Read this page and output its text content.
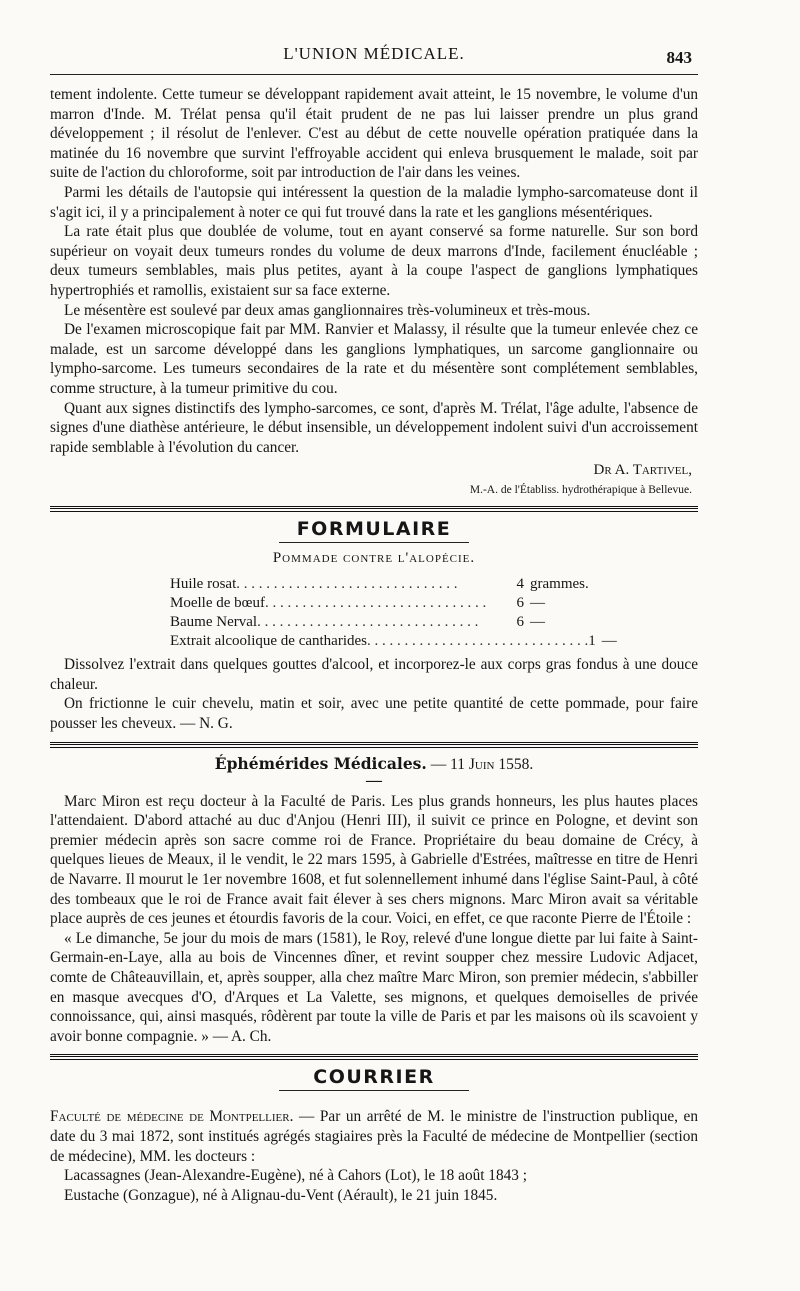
L'UNION MÉDICALE.	843

tement indolente. Cette tumeur se développant rapidement avait atteint, le 15 novembre, le volume d'un marron d'Inde. M. Trélat pensa qu'il était prudent de ne pas lui laisser prendre un plus grand développement ; il résolut de l'enlever. C'est au début de cette nouvelle opération pratiquée dans la matinée du 16 novembre que survint l'effroyable accident qui enleva brusquement le malade, soit par suite de l'action du chloroforme, soit par introduction de l'air dans les veines.

Parmi les détails de l'autopsie qui intéressent la question de la maladie lympho-sarcomateuse dont il s'agit ici, il y a principalement à noter ce qui fut trouvé dans la rate et les ganglions mésentériques.

La rate était plus que doublée de volume, tout en ayant conservé sa forme naturelle. Sur son bord supérieur on voyait deux tumeurs rondes du volume de deux marrons d'Inde, facilement énucléable ; deux tumeurs semblables, mais plus petites, ayant à la coupe l'aspect de ganglions lymphatiques hypertrophiés et ramollis, existaient sur sa face externe.

Le mésentère est soulevé par deux amas ganglionnaires très-volumineux et très-mous.

De l'examen microscopique fait par MM. Ranvier et Malassy, il résulte que la tumeur enlevée chez ce malade, est un sarcome développé dans les ganglions lymphatiques, un sarcome ganglionnaire ou lympho-sarcome. Les tumeurs secondaires de la rate et du mésentère sont complétement semblables, comme structure, à la tumeur primitive du cou.

Quant aux signes distinctifs des lympho-sarcomes, ce sont, d'après M. Trélat, l'âge adulte, l'absence de signes d'une diathèse antérieure, le début insensible, un développement indolent suivi d'un accroissement rapide semblable à l'évolution du cancer.

Dr A. Tartivel,
M.-A. de l'Établiss. hydrothérapique à Bellevue.
FORMULAIRE
Pommade contre l'alopécie.
Huile rosat . . . . . . . . . . . . . . . . . . . . . . . . . . . . . .	4 grammes.
Moelle de bœuf . . . . . . . . . . . . . . . . . . . . . . . . . . . . . .	6 —
Baume Nerval . . . . . . . . . . . . . . . . . . . . . . . . . . . . . .	6 —
Extrait alcoolique de cantharides . . . . . . . . . . . . . . . . . . . . . . . . . . . . . . 1 —

Dissolvez l'extrait dans quelques gouttes d'alcool, et incorporez-le aux corps gras fondus à une douce chaleur.

On frictionne le cuir chevelu, matin et soir, avec une petite quantité de cette pommade, pour faire pousser les cheveux. — N. G.

Éphémérides Médicales. — 11 Juin 1558.
—

Marc Miron est reçu docteur à la Faculté de Paris. Les plus grands honneurs, les plus hautes places l'attendaient. D'abord attaché au duc d'Anjou (Henri III), il suivit ce prince en Pologne, et devint son premier médecin après son sacre comme roi de France. Propriétaire du beau domaine de Crécy, à quelques lieues de Meaux, il le vendit, le 22 mars 1595, à Gabrielle d'Estrées, maîtresse en titre de Henri de Navarre. Il mourut le 1er novembre 1608, et fut solennellement inhumé dans l'église Saint-Paul, à côté des tombeaux que le roi de France avait fait élever à ses chers mignons. Marc Miron avait sa véritable place auprès de ces jeunes et étourdis favoris de la cour. Voici, en effet, ce que raconte Pierre de l'Étoile :

« Le dimanche, 5e jour du mois de mars (1581), le Roy, relevé d'une longue diette par lui faite à Saint-Germain-en-Laye, alla au bois de Vincennes dîner, et revint soupper chez messire Ludovic Adjacet, comte de Châteauvillain, et, après soupper, alla chez maître Marc Miron, son premier médecin, s'abbiller en masque avecques d'O, d'Arques et La Valette, ses mignons, et quelques demoiselles de privée connoissance, qui, ainsi masqués, rôdèrent par toute la ville de Paris et par les maisons où ils scavoient y avoir bonne compagnie. » — A. Ch.

COURRIER

Faculté de médecine de Montpellier. — Par un arrêté de M. le ministre de l'instruction publique, en date du 3 mai 1872, sont institués agrégés stagiaires près la Faculté de médecine de Montpellier (section de médecine), MM. les docteurs :

Lacassagnes (Jean-Alexandre-Eugène), né à Cahors (Lot), le 18 août 1843 ;

Eustache (Gonzague), né à Alignau-du-Vent (Aérault), le 21 juin 1845.
